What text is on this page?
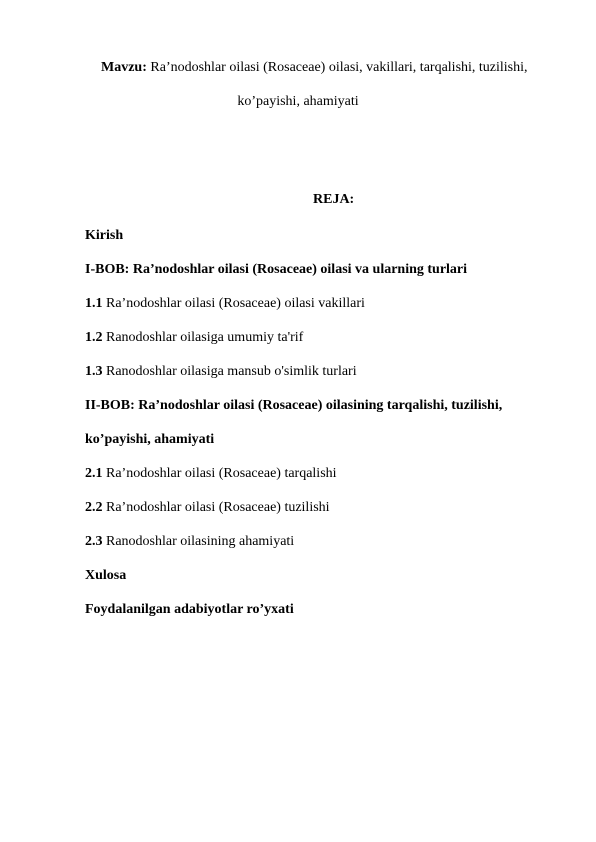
Mavzu: Ra’nodoshlar oilasi (Rosaceae) oilasi, vakillari, tarqalishi, tuzilishi,
ko’payishi, ahamiyati
REJA:
Kirish
I-BOB: Ra’nodoshlar oilasi (Rosaceae) oilasi va ularning turlari
1.1 Ra’nodoshlar oilasi (Rosaceae) oilasi vakillari
1.2 Ranodoshlar oilasiga umumiy ta'rif
1.3 Ranodoshlar oilasiga mansub o'simlik turlari
II-BOB: Ra’nodoshlar oilasi (Rosaceae) oilasining tarqalishi, tuzilishi,
ko’payishi, ahamiyati
2.1 Ra’nodoshlar oilasi (Rosaceae) tarqalishi
2.2 Ra’nodoshlar oilasi (Rosaceae) tuzilishi
2.3 Ranodoshlar oilasining ahamiyati
Xulosa
Foydalanilgan adabiyotlar ro’yxati
